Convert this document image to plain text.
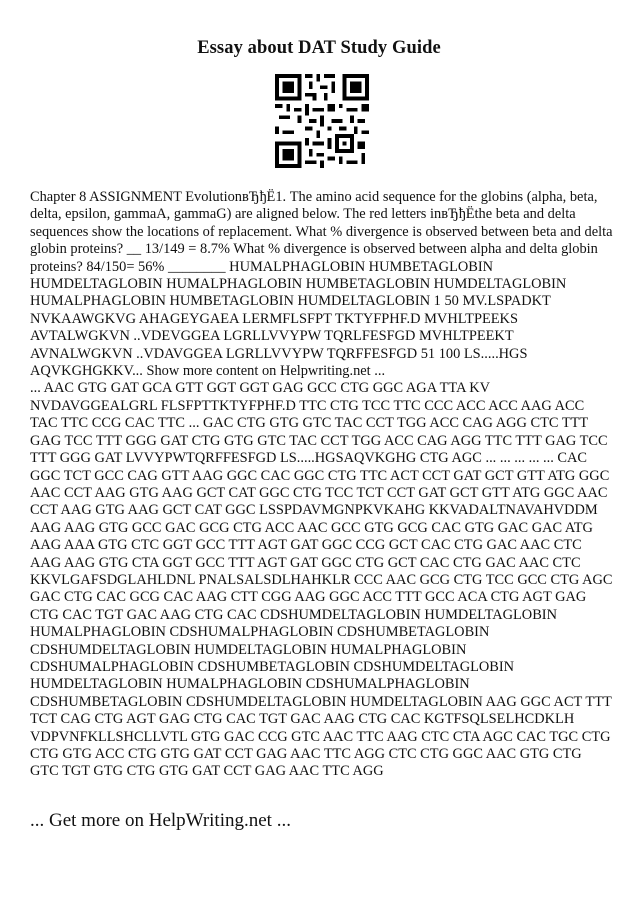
Essay about DAT Study Guide

Chapter 8 ASSIGNMENT EvolutionвЂђЁ1. The amino acid sequence for the globins (alpha, beta, delta, epsilon, gammaA, gammaG) are aligned below. The red letters inвЂђЁthe beta and delta sequences show the locations of replacement. What % divergence is observed between beta and delta globin proteins? __ 13/149 = 8.7% What % divergence is observed between alpha and delta globin proteins? 84/150= 56% ________ HUMALPHAGLOBIN HUMBETAGLOBIN HUMDELTAGLOBIN HUMALPHAGLOBIN HUMBETAGLOBIN HUMDELTAGLOBIN HUMALPHAGLOBIN HUMBETAGLOBIN HUMDELTAGLOBIN 1 50 MV.LSPADKT NVKAAWGKVG AHAGEYGAEA LERMFLSFPT TKTYFPHF.D MVHLTPEEKS AVTALWGKVN ..VDEVGGEA LGRLLVVYPW TQRLFESFGD MVHLTPEEKT AVNALWGKVN ..VDAVGGEA LGRLLVVYPW TQRFFESFGD 51 100 LS.....HGS AQVKGHGKKV... Show more content on Helpwriting.net ...
... AAC GTG GAT GCA GTT GGT GGT GAG GCC CTG GGC AGA TTA KV NVDAVGGEALGRL FLSFPTTKTYFPHF.D TTC CTG TCC TTC CCC ACC ACC AAG ACC TAC TTC CCG CAC TTC ... GAC CTG GTG GTC TAC CCT TGG ACC CAG AGG CTC TTT GAG TCC TTT GGG GAT CTG GTG GTC TAC CCT TGG ACC CAG AGG TTC TTT GAG TCC TTT GGG GAT LVVYPWTQRFFESFGD LS.....HGSAQVKGHG CTG AGC ... ... ... ... ... CAC GGC TCT GCC CAG GTT AAG GGC CAC GGC CTG TTC ACT CCT GAT GCT GTT ATG GGC AAC CCT AAG GTG AAG GCT CAT GGC CTG TCC TCT CCT GAT GCT GTT ATG GGC AAC CCT AAG GTG AAG GCT CAT GGC LSSPDAVMGNPKVKAHG KKVADALTNAVAHVDDM AAG AAG GTG GCC GAC GCG CTG ACC AAC GCC GTG GCG CAC GTG GAC GAC ATG AAG AAA GTG CTC GGT GCC TTT AGT GAT GGC CCG GCT CAC CTG GAC AAC CTC AAG AAG GTG CTA GGT GCC TTT AGT GAT GGC CTG GCT CAC CTG GAC AAC CTC KKVLGAFSDGLAHLDNL PNALSALSDLHAHKLR CCC AAC GCG CTG TCC GCC CTG AGC GAC CTG CAC GCG CAC AAG CTT CGG AAG GGC ACC TTT GCC ACA CTG AGT GAG CTG CAC TGT GAC AAG CTG CAC CDSHUMDELTAGLOBIN HUMDELTAGLOBIN HUMALPHAGLOBIN CDSHUMALPHAGLOBIN CDSHUMBETAGLOBIN CDSHUMDELTAGLOBIN HUMDELTAGLOBIN HUMALPHAGLOBIN CDSHUMALPHAGLOBIN CDSHUMBETAGLOBIN CDSHUMDELTAGLOBIN HUMDELTAGLOBIN HUMALPHAGLOBIN CDSHUMALPHAGLOBIN CDSHUMBETAGLOBIN CDSHUMDELTAGLOBIN HUMDELTAGLOBIN AAG GGC ACT TTT TCT CAG CTG AGT GAG CTG CAC TGT GAC AAG CTG CAC KGTFSQLSELHCDKLH VDPVNFKLLSHCLLVTL GTG GAC CCG GTC AAC TTC AAG CTC CTA AGC CAC TGC CTG CTG GTG ACC CTG GTG GAT CCT GAG AAC TTC AGG CTC CTG GGC AAC GTG CTG GTC TGT GTG CTG GTG GAT CCT GAG AAC TTC AGG

... Get more on HelpWriting.net ...
